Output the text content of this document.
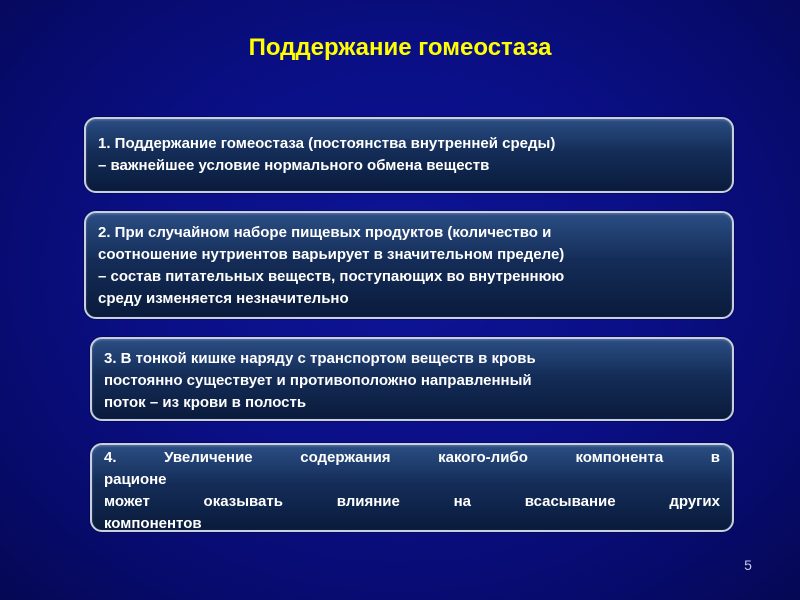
Поддержание гомеостаза

1. Поддержание гомеостаза (постоянства внутренней среды)

– важнейшее условие нормального обмена веществ

2. При случайном наборе пищевых продуктов (количество и

соотношение нутриентов варьирует в значительном пределе)

– состав питательных веществ, поступающих во внутреннюю

среду изменяется незначительно

3. В тонкой кишке наряду с транспортом веществ в кровь

постоянно существует и противоположно направленный

поток – из крови в полость

4. Увеличение содержания какого-либо компонента в

рационе

может оказывать влияние на всасывание других

компонентов

5
